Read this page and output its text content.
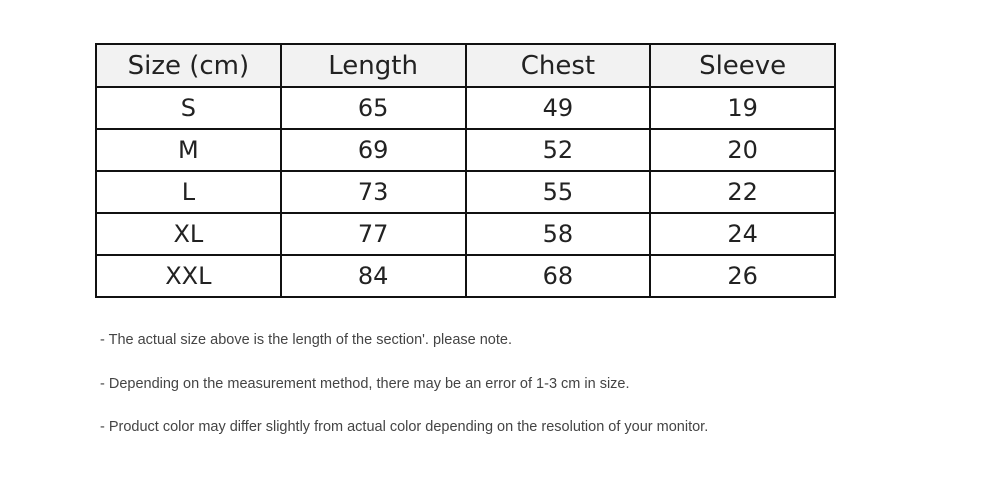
Size (cm)	Length	Chest	Sleeve
S	65	49	19
M	69	52	20
L	73	55	22
XL	77	58	24
XXL	84	68	26

- The actual size above is the length of the section'. please note.

- Depending on the measurement method, there may be an error of 1-3 cm in size.

- Product color may differ slightly from actual color depending on the resolution of your monitor.
